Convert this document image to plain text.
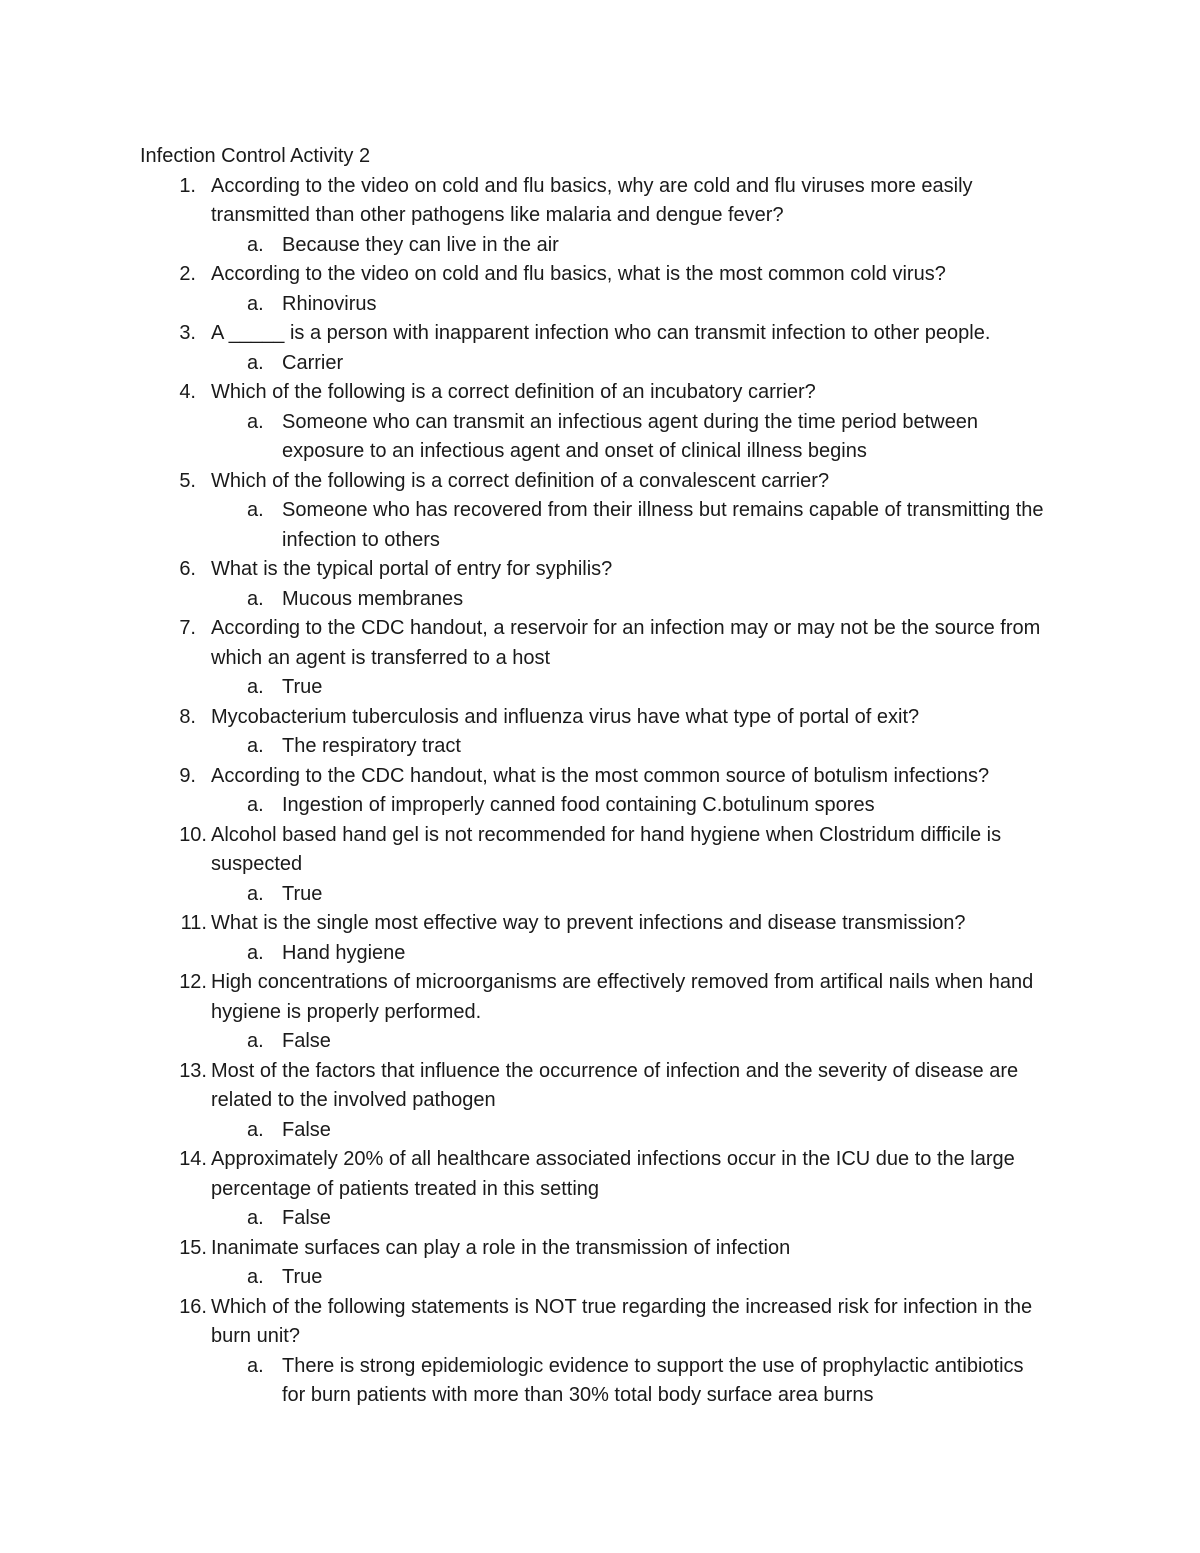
Infection Control Activity 2
1. According to the video on cold and flu basics, why are cold and flu viruses more easily transmitted than other pathogens like malaria and dengue fever?
a. Because they can live in the air
2. According to the video on cold and flu basics, what is the most common cold virus?
a. Rhinovirus
3. A _____ is a person with inapparent infection who can transmit infection to other people.
a. Carrier
4. Which of the following is a correct definition of an incubatory carrier?
a. Someone who can transmit an infectious agent during the time period between exposure to an infectious agent and onset of clinical illness begins
5. Which of the following is a correct definition of a convalescent carrier?
a. Someone who has recovered from their illness but remains capable of transmitting the infection to others
6. What is the typical portal of entry for syphilis?
a. Mucous membranes
7. According to the CDC handout, a reservoir for an infection may or may not be the source from which an agent is transferred to a host
a. True
8. Mycobacterium tuberculosis and influenza virus have what type of portal of exit?
a. The respiratory tract
9. According to the CDC handout, what is the most common source of botulism infections?
a. Ingestion of improperly canned food containing C.botulinum spores
10. Alcohol based hand gel is not recommended for hand hygiene when Clostridum difficile is suspected
a. True
11. What is the single most effective way to prevent infections and disease transmission?
a. Hand hygiene
12. High concentrations of microorganisms are effectively removed from artifical nails when hand hygiene is properly performed.
a. False
13. Most of the factors that influence the occurrence of infection and the severity of disease are related to the involved pathogen
a. False
14. Approximately 20% of all healthcare associated infections occur in the ICU due to the large percentage of patients treated in this setting
a. False
15. Inanimate surfaces can play a role in the transmission of infection
a. True
16. Which of the following statements is NOT true regarding the increased risk for infection in the burn unit?
a. There is strong epidemiologic evidence to support the use of prophylactic antibiotics for burn patients with more than 30% total body surface area burns
